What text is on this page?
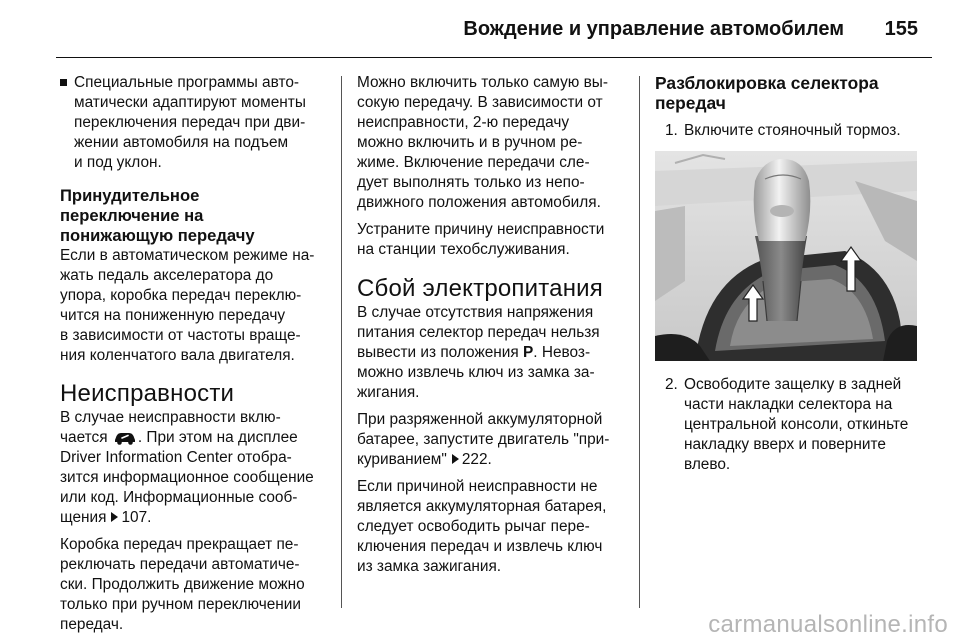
Вождение и управление автомобилем 155

Специальные программы авто-

матически адаптируют моменты

переключения передач при дви-

жении автомобиля на подъем

и под уклон.

Принудительное

переключение на

понижающую передачу

Если в автоматическом режиме на-

жать педаль акселератора до

упора, коробка передач переклю-

чится на пониженную передачу

в зависимости от частоты враще-

ния коленчатого вала двигателя.

Неисправности

В случае неисправности вклю-

чается . При этом на дисплее

Driver Information Center отобра-

зится информационное сообщение

или код. Информационные сооб-

щения 107.

Коробка передач прекращает пе-

реключать передачи автоматиче-

ски. Продолжить движение можно

только при ручном переключении

передач.

Можно включить только самую вы-

сокую передачу. В зависимости от

неисправности, 2-ю передачу

можно включить и в ручном ре-

жиме. Включение передачи сле-

дует выполнять только из непо-

движного положения автомобиля.

Устраните причину неисправности

на станции техобслуживания.

Сбой электропитания

В случае отсутствия напряжения

питания селектор передач нельзя

вывести из положения P. Невоз-

можно извлечь ключ из замка за-

жигания.

При разряженной аккумуляторной

батарее, запустите двигатель "при-

куриванием" 222.

Если причиной неисправности не

является аккумуляторная батарея,

следует освободить рычаг пере-

ключения передач и извлечь ключ

из замка зажигания.

Разблокировка селектора

передач

1. Включите стояночный тормоз.

2. Освободите защелку в задней

части накладки селектора на

центральной консоли, откиньте

накладку вверх и поверните

влево.

carmanualsonline.info
